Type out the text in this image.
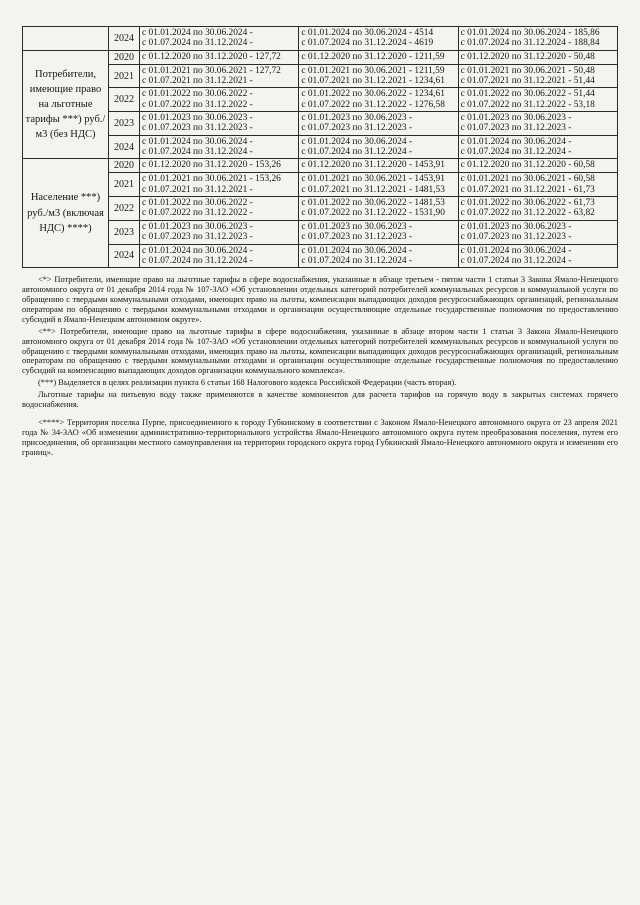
	2024	с 01.01.2024 по 30.06.2024 -
с 01.07.2024 по 31.12.2024 -	с 01.01.2024 по 30.06.2024 - 4514
с 01.07.2024 по 31.12.2024 - 4619	с 01.01.2024 по 30.06.2024 - 185,86
с 01.07.2024 по 31.12.2024 - 188,84

Потребители, имеющие право на льготные тарифы ***) руб./м3 (без НДС)	2020	с 01.12.2020 по 31.12.2020 - 127,72	с 01.12.2020 по 31.12.2020 - 1211,59	с 01.12.2020 по 31.12.2020 - 50,48

	2021	с 01.01.2021 по 30.06.2021 - 127,72
с 01.07.2021 по 31.12.2021 -	с 01.01.2021 по 30.06.2021 - 1211,59
с 01.07.2021 по 31.12.2021 - 1234,61	с 01.01.2021 по 30.06.2021 - 50,48
с 01.07.2021 по 31.12.2021 - 51,44

	2022	с 01.01.2022 по 30.06.2022 -
с 01.07.2022 по 31.12.2022 -	с 01.01.2022 по 30.06.2022 - 1234,61
с 01.07.2022 по 31.12.2022 - 1276,58	с 01.01.2022 по 30.06.2022 - 51,44
с 01.07.2022 по 31.12.2022 - 53,18

	2023	с 01.01.2023 по 30.06.2023 -
с 01.07.2023 по 31.12.2023 -	с 01.01.2023 по 30.06.2023 -
с 01.07.2023 по 31.12.2023 -	с 01.01.2023 по 30.06.2023 -
с 01.07.2023 по 31.12.2023 -

	2024	с 01.01.2024 по 30.06.2024 -
с 01.07.2024 по 31.12.2024 -	с 01.01.2024 по 30.06.2024 -
с 01.07.2024 по 31.12.2024 -	с 01.01.2024 по 30.06.2024 -
с 01.07.2024 по 31.12.2024 -

Население ***) руб./м3 (включая НДС) ****)	2020	с 01.12.2020 по 31.12.2020 - 153,26	с 01.12.2020 по 31.12.2020 - 1453,91	с 01.12.2020 по 31.12.2020 - 60,58

	2021	с 01.01.2021 по 30.06.2021 - 153,26
с 01.07.2021 по 31.12.2021 -	с 01.01.2021 по 30.06.2021 - 1453,91
с 01.07.2021 по 31.12.2021 - 1481,53	с 01.01.2021 по 30.06.2021 - 60,58
с 01.07.2021 по 31.12.2021 - 61,73

	2022	с 01.01.2022 по 30.06.2022 -
с 01.07.2022 по 31.12.2022 -	с 01.01.2022 по 30.06.2022 - 1481,53
с 01.07.2022 по 31.12.2022 - 1531,90	с 01.01.2022 по 30.06.2022 - 61,73
с 01.07.2022 по 31.12.2022 - 63,82

	2023	с 01.01.2023 по 30.06.2023 -
с 01.07.2023 по 31.12.2023 -	с 01.01.2023 по 30.06.2023 -
с 01.07.2023 по 31.12.2023 -	с 01.01.2023 по 30.06.2023 -
с 01.07.2023 по 31.12.2023 -

	2024	с 01.01.2024 по 30.06.2024 -
с 01.07.2024 по 31.12.2024 -	с 01.01.2024 по 30.06.2024 -
с 01.07.2024 по 31.12.2024 -	с 01.01.2024 по 30.06.2024 -
с 01.07.2024 по 31.12.2024 -

<*> Потребители, имеющие право на льготные тарифы в сфере водоснабжения, указанные в абзаце третьем - пятом части 1 статьи 3 Закона Ямало-Ненецкого автономного округа от 01 декабря 2014 года № 107-ЗАО «Об установлении отдельных категорий потребителей коммунальных ресурсов и коммунальной услуги по обращению с твердыми коммунальными отходами, имеющих право на льготы, компенсации выпадающих доходов ресурсоснабжающих организаций, региональным операторам по обращению с твердыми коммунальными отходами и организации осуществляющие отдельные государственные полномочия по предоставлению субсидий в Ямало-Ненецком автономном округе».

<**> Потребители, имеющие право на льготные тарифы в сфере водоснабжения, указанные в абзаце втором части 1 статьи 3 Закона Ямало-Ненецкого автономного округа от 01 декабря 2014 года № 107-ЗАО «Об установлении отдельных категорий потребителей коммунальных ресурсов и коммунальной услуги по обращению с твердыми коммунальными отходами, имеющих право на льготы, компенсации выпадающих доходов ресурсоснабжающих организаций, региональным операторам по обращению с твердыми коммунальными отходами и организации осуществляющие отдельные государственные полномочия по предоставлению субсидий на компенсацию выпадающих доходов организации коммунального комплекса».

(***) Выделяется в целях реализации пункта 6 статьи 168 Налогового кодекса Российской Федерации (часть вторая).

Льготные тарифы на питьевую воду также применяются в качестве компонентов для расчета тарифов на горячую воду в закрытых системах горячего водоснабжения.

<****> Территория поселка Пурпе, присоединенного к городу Губкинскому в соответствии с Законом Ямало-Ненецкого автономного округа от 23 апреля 2021 года № 34-ЗАО «Об изменении административно-территориального устройства Ямало-Ненецкого автономного округа путем преобразования поселения, путем его присоединения, об организации местного самоуправления на территории городского округа город Губкинский Ямало-Ненецкого автономного округа и изменении его границ».
